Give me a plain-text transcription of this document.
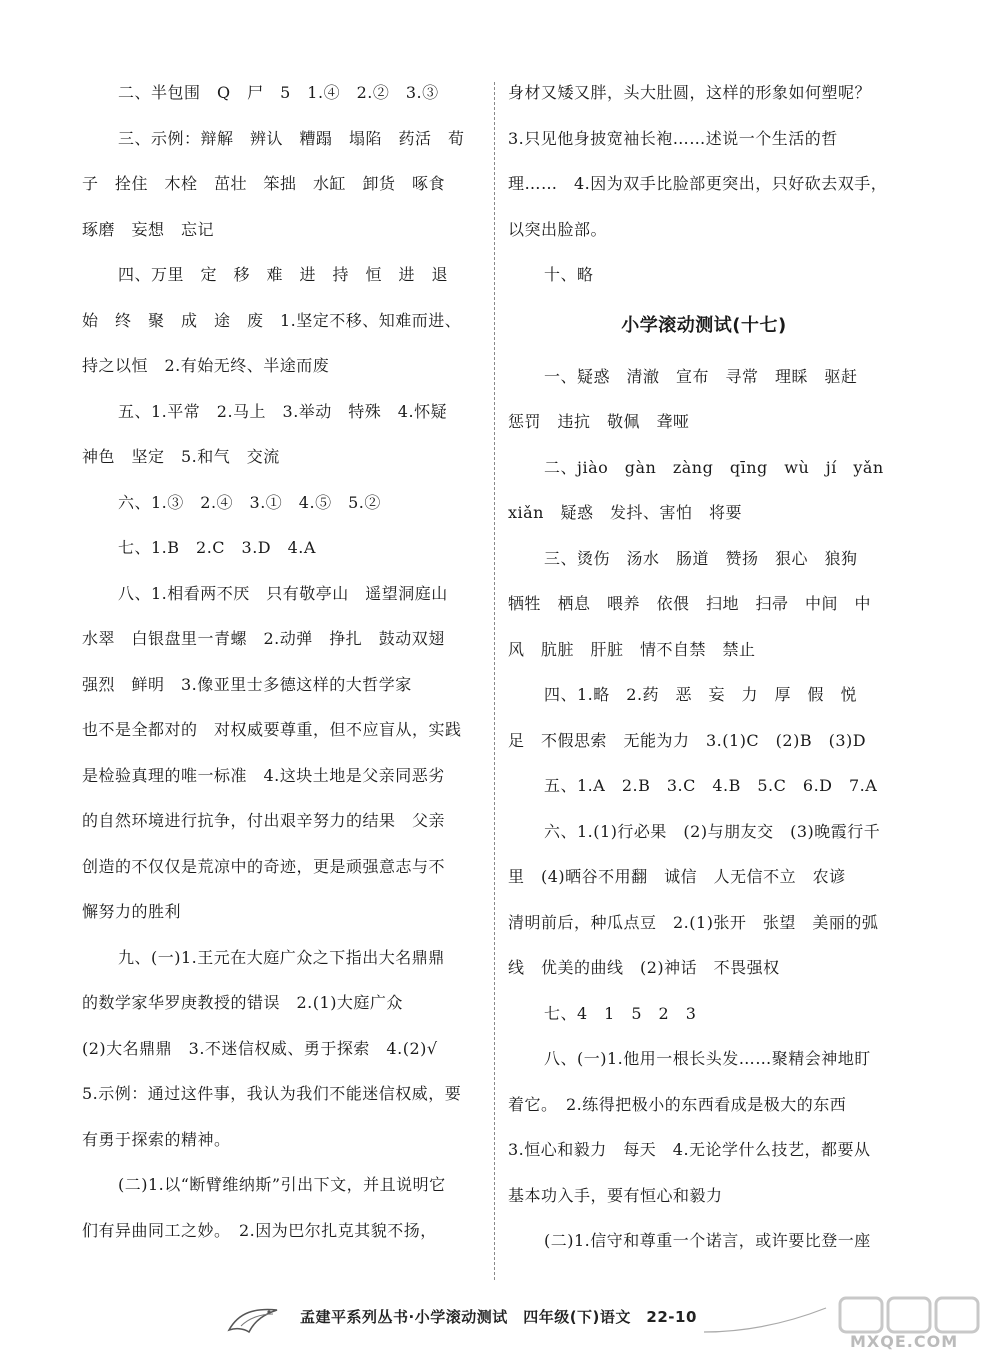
二、半包围　Q　尸　5　1.④　2.②　3.③
三、示例：辩解　辨认　糟蹋　塌陷　药活　荀
子　拴住　木栓　茁壮　笨拙　水缸　卸货　啄食
琢磨　妄想　忘记
四、万里　定　移　难　进　持　恒　进　退
始　终　聚　成　途　废　1.坚定不移、知难而进、
持之以恒　2.有始无终、半途而废
五、1.平常　2.马上　3.举动　特殊　4.怀疑
神色　坚定　5.和气　交流
六、1.③　2.④　3.①　4.⑤　5.②
七、1.B　2.C　3.D　4.A
八、1.相看两不厌　只有敬亭山　遥望洞庭山
水翠　白银盘里一青螺　2.动弹　挣扎　鼓动双翅
强烈　鲜明　3.像亚里士多德这样的大哲学家
也不是全都对的　对权威要尊重，但不应盲从，实践
是检验真理的唯一标准　4.这块土地是父亲同恶劣
的自然环境进行抗争，付出艰辛努力的结果　父亲
创造的不仅仅是荒凉中的奇迹，更是顽强意志与不
懈努力的胜利
九、(一)1.王元在大庭广众之下指出大名鼎鼎
的数学家华罗庚教授的错误　2.(1)大庭广众
(2)大名鼎鼎　3.不迷信权威、勇于探索　4.(2)√
5.示例：通过这件事，我认为我们不能迷信权威，要
有勇于探索的精神。
(二)1.以“断臂维纳斯”引出下文，并且说明它
们有异曲同工之妙。　2.因为巴尔扎克其貌不扬，
身材又矮又胖，头大肚圆，这样的形象如何塑呢？
3.只见他身披宽袖长袍……述说一个生活的哲
理……　4.因为双手比脸部更突出，只好砍去双手，
以突出脸部。
十、略
小学滚动测试(十七)
一、疑惑　清澈　宣布　寻常　理睬　驱赶
惩罚　违抗　敬佩　聋哑
二、jiào　gàn　zàng　qīng　wù　jí　yǎn
xiǎn　疑惑　发抖、害怕　将要
三、烫伤　汤水　肠道　赞扬　狠心　狼狗
牺牲　栖息　喂养　依偎　扫地　扫帚　中间　中
风　肮脏　肝脏　情不自禁　禁止
四、1.略　2.药　恶　妄　力　厚　假　悦
足　不假思索　无能为力　3.(1)C　(2)B　(3)D
五、1.A　2.B　3.C　4.B　5.C　6.D　7.A
六、1.(1)行必果　(2)与朋友交　(3)晚霞行千
里　(4)晒谷不用翻　诚信　人无信不立　农谚
清明前后，种瓜点豆　2.(1)张开　张望　美丽的弧
线　优美的曲线　(2)神话　不畏强权
七、4　1　5　2　3
八、(一)1.他用一根长头发……聚精会神地盯
着它。　2.练得把极小的东西看成是极大的东西
3.恒心和毅力　每天　4.无论学什么技艺，都要从
基本功入手，要有恒心和毅力
(二)1.信守和尊重一个诺言，或许要比登一座
孟建平系列丛书·小学滚动测试　四年级(下)语文　22-10
MXQE.COM
